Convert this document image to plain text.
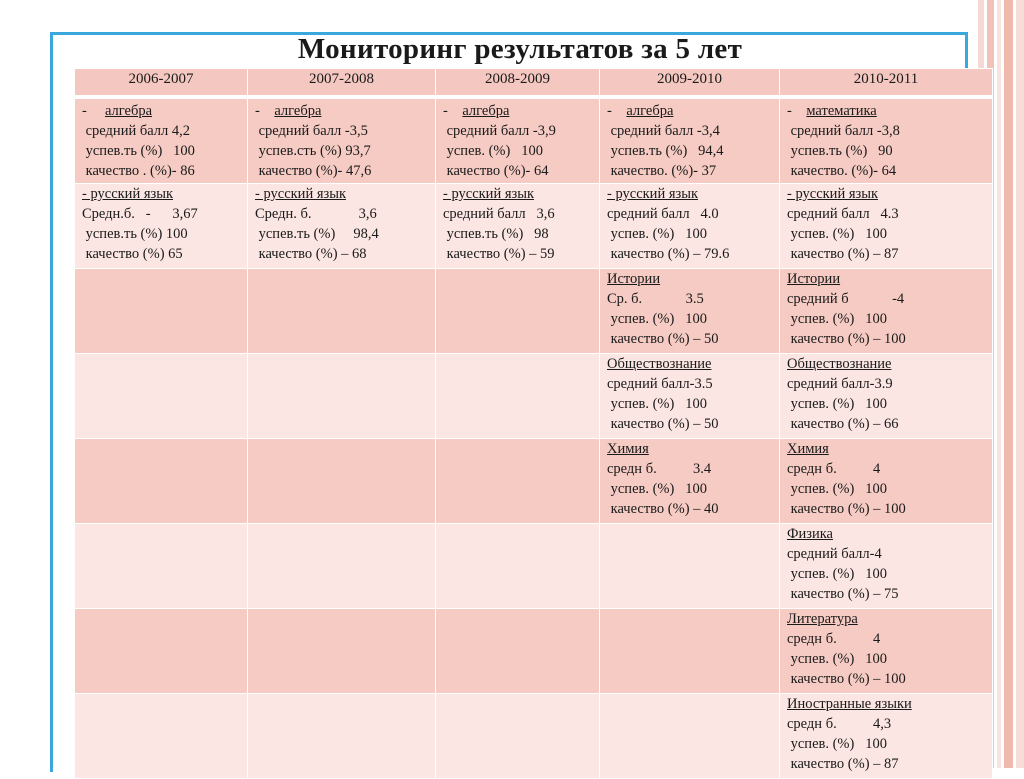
Мониторинг результатов за 5 лет
2006-2007	2007-2008	2008-2009	2009-2010	2010-2011

-     алгебра
средний балл 4,2
успев.ть (%)   100
качество . (%)- 86	-    алгебра
средний балл -3,5
успев.сть (%) 93,7
качество (%)- 47,6	-    алгебра
средний балл -3,9
успев. (%)   100
качество (%)- 64	-    алгебра
средний балл -3,4
успев.ть (%)   94,4
качество. (%)- 37	-    математика
средний балл -3,8
успев.ть (%)   90
качество. (%)- 64

- русский язык
Средн.б.   -      3,67
успев.ть (%) 100
качество (%) 65	- русский язык
Средн. б.             3,6
успев.ть (%)     98,4
качество (%) – 68	- русский язык
средний балл   3,6
успев.ть (%)   98
качество (%) – 59	- русский язык
средний балл   4.0
успев. (%)   100
качество (%) – 79.6	- русский язык
средний балл   4.3
успев. (%)   100
качество (%) – 87

			Истории
Ср. б.            3.5
успев. (%)   100
качество (%) – 50	Истории
средний б            -4
успев. (%)   100
качество (%) – 100

			Обществознание
средний балл-3.5
успев. (%)   100
качество (%) – 50	Обществознание
средний балл-3.9
успев. (%)   100
качество (%) – 66

			Химия
средн б.          3.4
успев. (%)   100
качество (%) – 40	Химия
средн б.          4
успев. (%)   100
качество (%) – 100

				Физика
средний балл-4
успев. (%)   100
качество (%) – 75

				Литература
средн б.          4
успев. (%)   100
качество (%) – 100

				Иностранные языки
средн б.          4,3
успев. (%)   100
качество (%) – 87
